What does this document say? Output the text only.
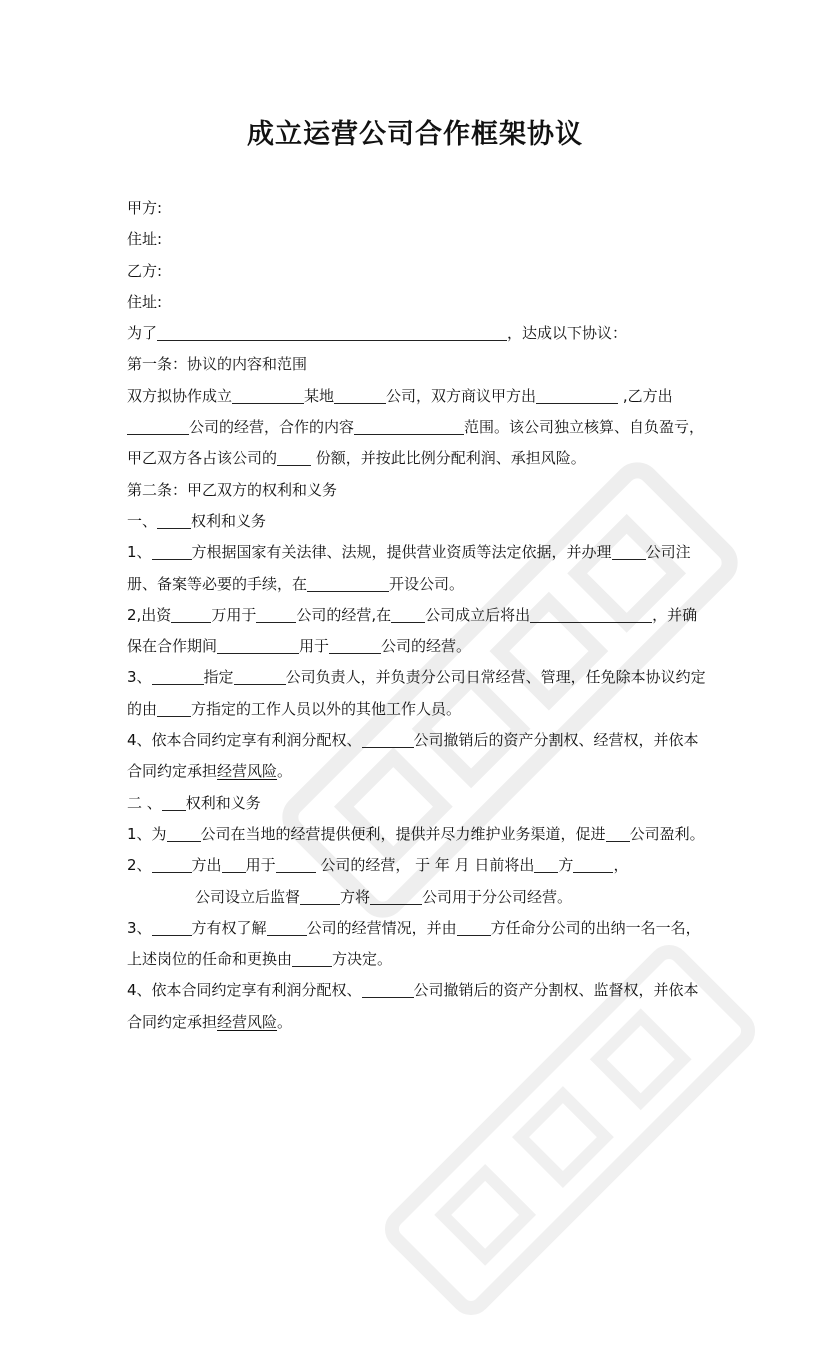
成立运营公司合作框架协议
甲方:
住址:
乙方:
住址:
为了	，达成以下协议：
第一条：协议的内容和范围
双方拟协作成立	某地	公司，双方商议甲方出	,乙方出公司的经营，合作的内容	范围。该公司独立核算、自负盈亏，甲乙双方各占该公司的 份额，并按此比例分配利润、承担风险。
第二条：甲乙双方的权利和义务
一、 权利和义务
1、	方根据国家有关法律、法规，提供营业资质等法定依据，并办理 公司注册、备案等必要的手续，在	开设公司。
2,出资	万用于	公司的经营,在 公司成立后将出	，并确保在合作期间	用于	公司的经营。
3、	指定	公司负责人，并负责分公司日常经营、管理，任免除本协议约定的由 方指定的工作人员以外的其他工作人员。
4、依本合同约定享有利润分配权、	公司撤销后的资产分割权、经营权，并依本合同约定承担经营风险。
二 、 权利和义务
1、为 公司在当地的经营提供便利，提供并尽力维护业务渠道，促进 公司盈利。
2、	方出 用于	公司的经营， 于 年 月 日前将出 方	，
公司设立后监督	方将	公司用于分公司经营。
3、	方有权了解	公司的经营情况，并由 方任命分公司的出纳一名一名，上述岗位的任命和更换由	方决定。
4、依本合同约定享有利润分配权、	公司撤销后的资产分割权、监督权，并依本合同约定承担经营风险。
